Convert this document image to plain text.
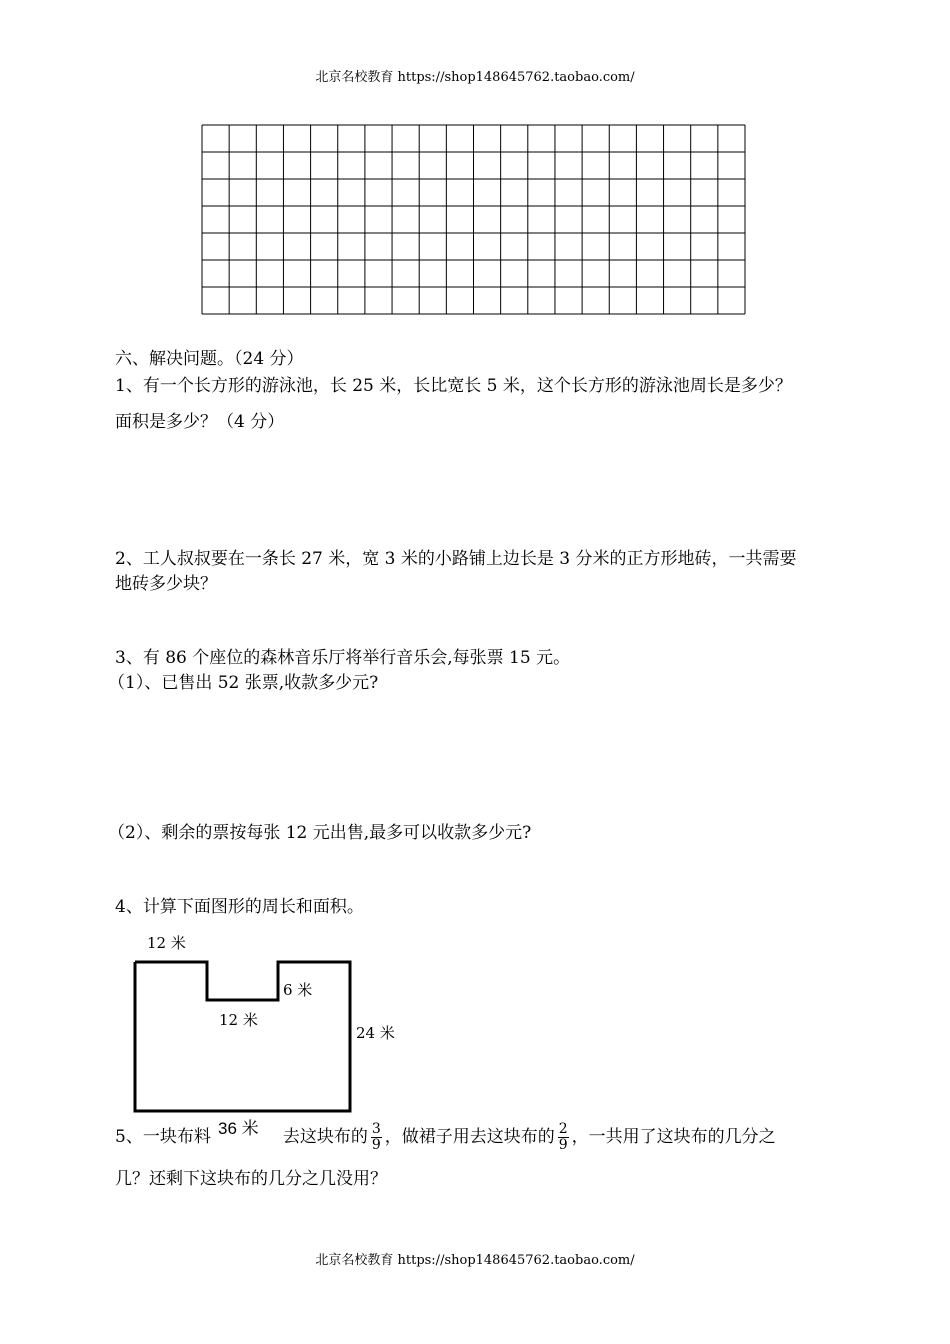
北京名校教育 https://shop148645762.taobao.com/
六、解决问题。（24 分）
1、有一个长方形的游泳池，长 25 米，长比宽长 5 米，这个长方形的游泳池周长是多少？
面积是多少？（4 分）
2、工人叔叔要在一条长 27 米，宽 3 米的小路铺上边长是 3 分米的正方形地砖，一共需要
地砖多少块？
3、有 86 个座位的森林音乐厅将举行音乐会,每张票 15 元。
（1）、已售出 52 张票,收款多少元?
（2）、剩余的票按每张 12 元出售,最多可以收款多少元?
4、计算下面图形的周长和面积。
12 米
6 米
12 米
24 米
5、一块布料	去这块布的 $\frac{3}{9}$ ，做裙子用去这块布的 $\frac{2}{9}$ ，一共用了这块布的几分之
36 米
几？还剩下这块布的几分之几没用？
北京名校教育 https://shop148645762.taobao.com/
